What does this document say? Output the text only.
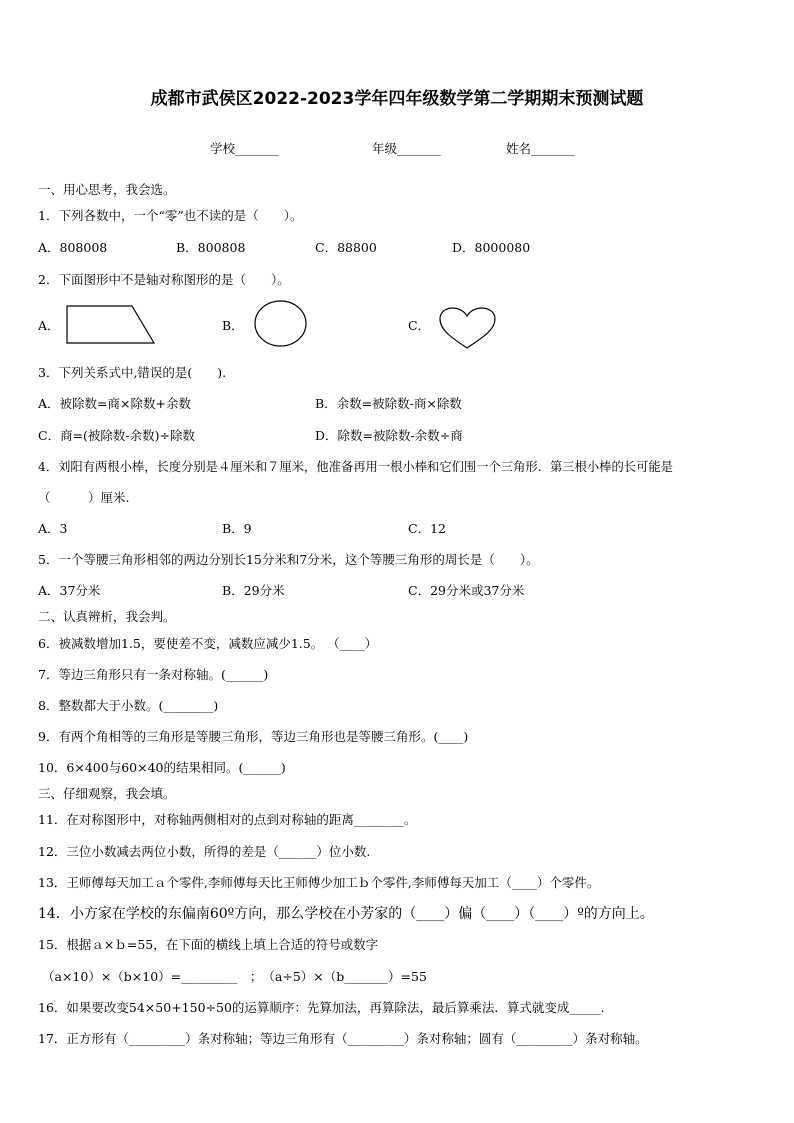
成都市武侯区2022-2023学年四年级数学第二学期期末预测试题
学校_______	年级_______	姓名_______
一、用心思考，我会选。
1．下列各数中，一个“零”也不读的是（　　）。
A．808008	B．800808	C．88800	D．8000080
2．下面图形中不是轴对称图形的是（　　）。
A．	B．	C．
3．下列关系式中,错误的是(　　).
A．被除数=商×除数+余数	B．余数=被除数-商×除数
C．商=(被除数-余数)÷除数	D．除数=被除数-余数÷商
4．刘阳有两根小棒，长度分别是４厘米和７厘米，他准备再用一根小棒和它们围一个三角形．第三根小棒的长可能是
（　　　）厘米.
A．3	B．9	C．12
5．一个等腰三角形相邻的两边分别长15分米和7分米，这个等腰三角形的周长是（　　）。
A．37分米	B．29分米	C．29分米或37分米
二、认真辨析，我会判。
6．被减数增加1.5，要使差不变，减数应减少1.5。 （____）
7．等边三角形只有一条对称轴。(______)
8．整数都大于小数。(________)
9．有两个角相等的三角形是等腰三角形，等边三角形也是等腰三角形。(____)
10．6×400与60×40的结果相同。(______)
三、仔细观察，我会填。
11．在对称图形中，对称轴两侧相对的点到对称轴的距离________。
12．三位小数减去两位小数，所得的差是（______）位小数.
13．王师傅每天加工ａ个零件,李师傅每天比王师傅少加工ｂ个零件,李师傅每天加工（____）个零件。
14．小方家在学校的东偏南60º方向，那么学校在小芳家的（____）偏（____）（____）º的方向上。
15．根据ａ×ｂ=55，在下面的横线上填上合适的符号或数字
（a×10）×（b×10）=_________　；　（a÷5）×（b_______）=55
16．如果要改变54×50+150÷50的运算顺序：先算加法，再算除法，最后算乘法．算式就变成_____.
17．正方形有（_________）条对称轴；等边三角形有（_________）条对称轴；圆有（_________）条对称轴。
